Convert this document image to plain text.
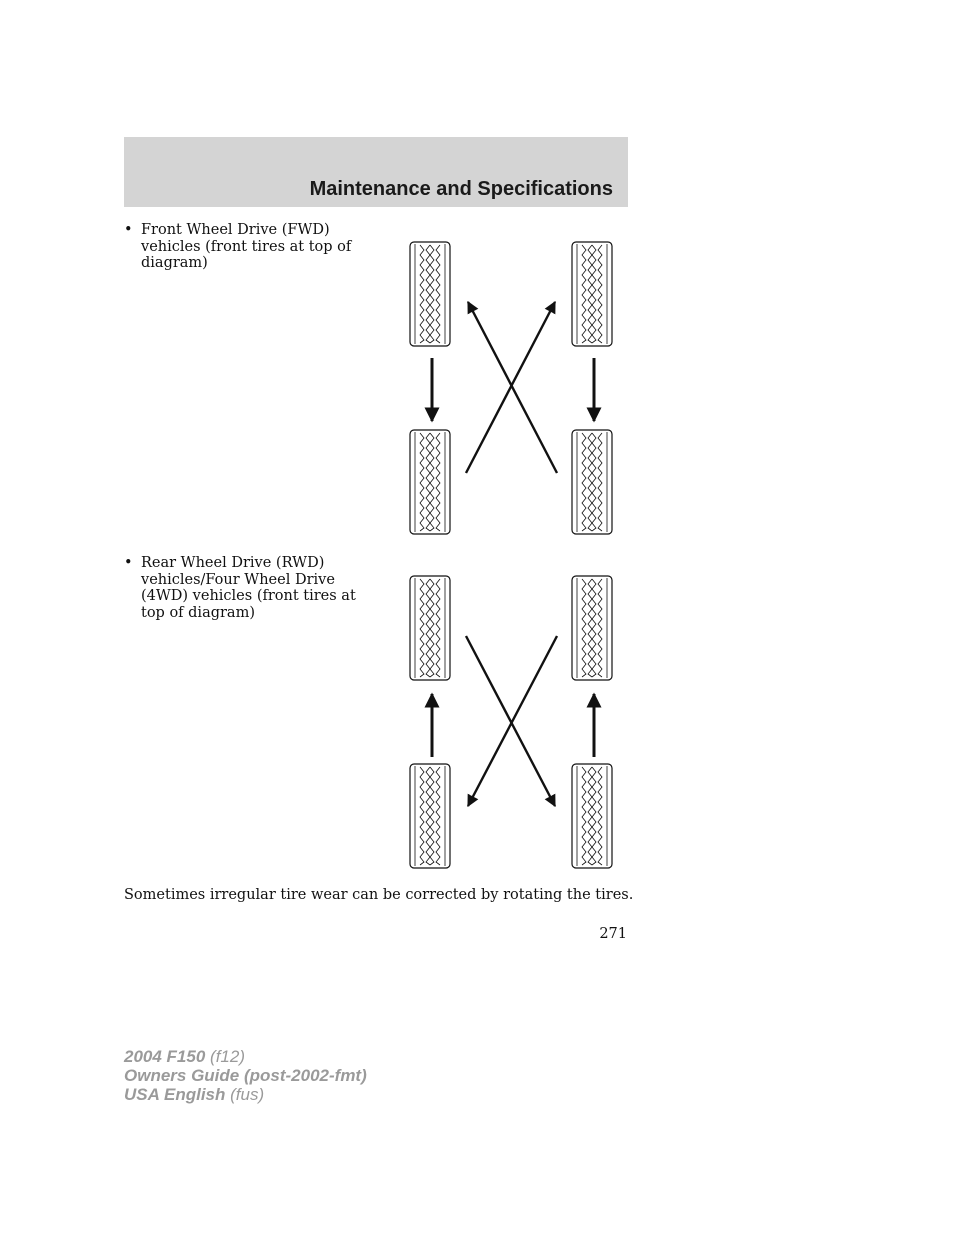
Maintenance and Specifications
• Front Wheel Drive (FWD) vehicles (front tires at top of diagram)
• Rear Wheel Drive (RWD) vehicles/Four Wheel Drive (4WD) vehicles (front tires at top of diagram)

Sometimes irregular tire wear can be corrected by rotating the tires.

271

2004 F150 (f12)
Owners Guide (post-2002-fmt)
USA English (fus)
